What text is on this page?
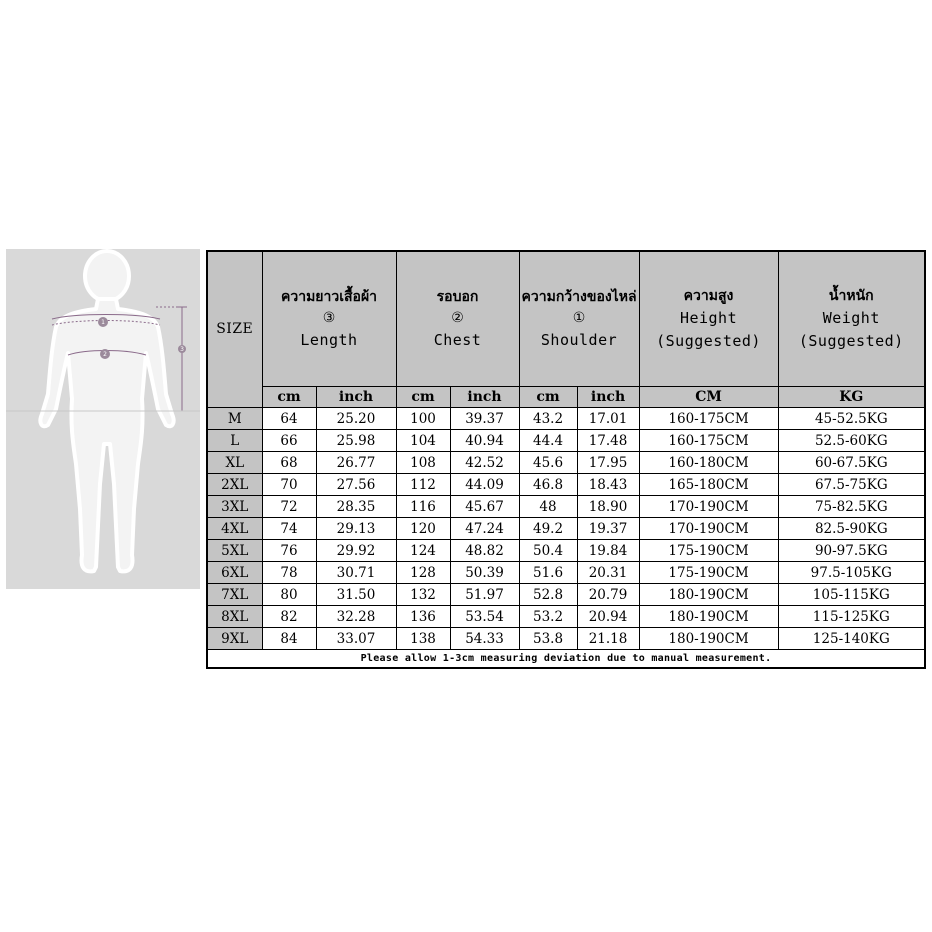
1
2
3
SIZE	ความยาวเสื้อผ้า
③
Length		รอบอก
②
Chest		ความกว้างของไหล่
①
Shoulder		ความสูง
Height
(Suggested)	น้ำหนัก
Weight
(Suggested)

	cm	inch	cm	inch	cm	inch	CM	KG
M	64	25.20	100	39.37	43.2	17.01	160-175CM	45-52.5KG
L	66	25.98	104	40.94	44.4	17.48	160-175CM	52.5-60KG
XL	68	26.77	108	42.52	45.6	17.95	160-180CM	60-67.5KG
2XL	70	27.56	112	44.09	46.8	18.43	165-180CM	67.5-75KG
3XL	72	28.35	116	45.67	48	18.90	170-190CM	75-82.5KG
4XL	74	29.13	120	47.24	49.2	19.37	170-190CM	82.5-90KG
5XL	76	29.92	124	48.82	50.4	19.84	175-190CM	90-97.5KG
6XL	78	30.71	128	50.39	51.6	20.31	175-190CM	97.5-105KG
7XL	80	31.50	132	51.97	52.8	20.79	180-190CM	105-115KG
8XL	82	32.28	136	53.54	53.2	20.94	180-190CM	115-125KG
9XL	84	33.07	138	54.33	53.8	21.18	180-190CM	125-140KG
Please allow 1-3cm measuring deviation due to manual measurement.								
